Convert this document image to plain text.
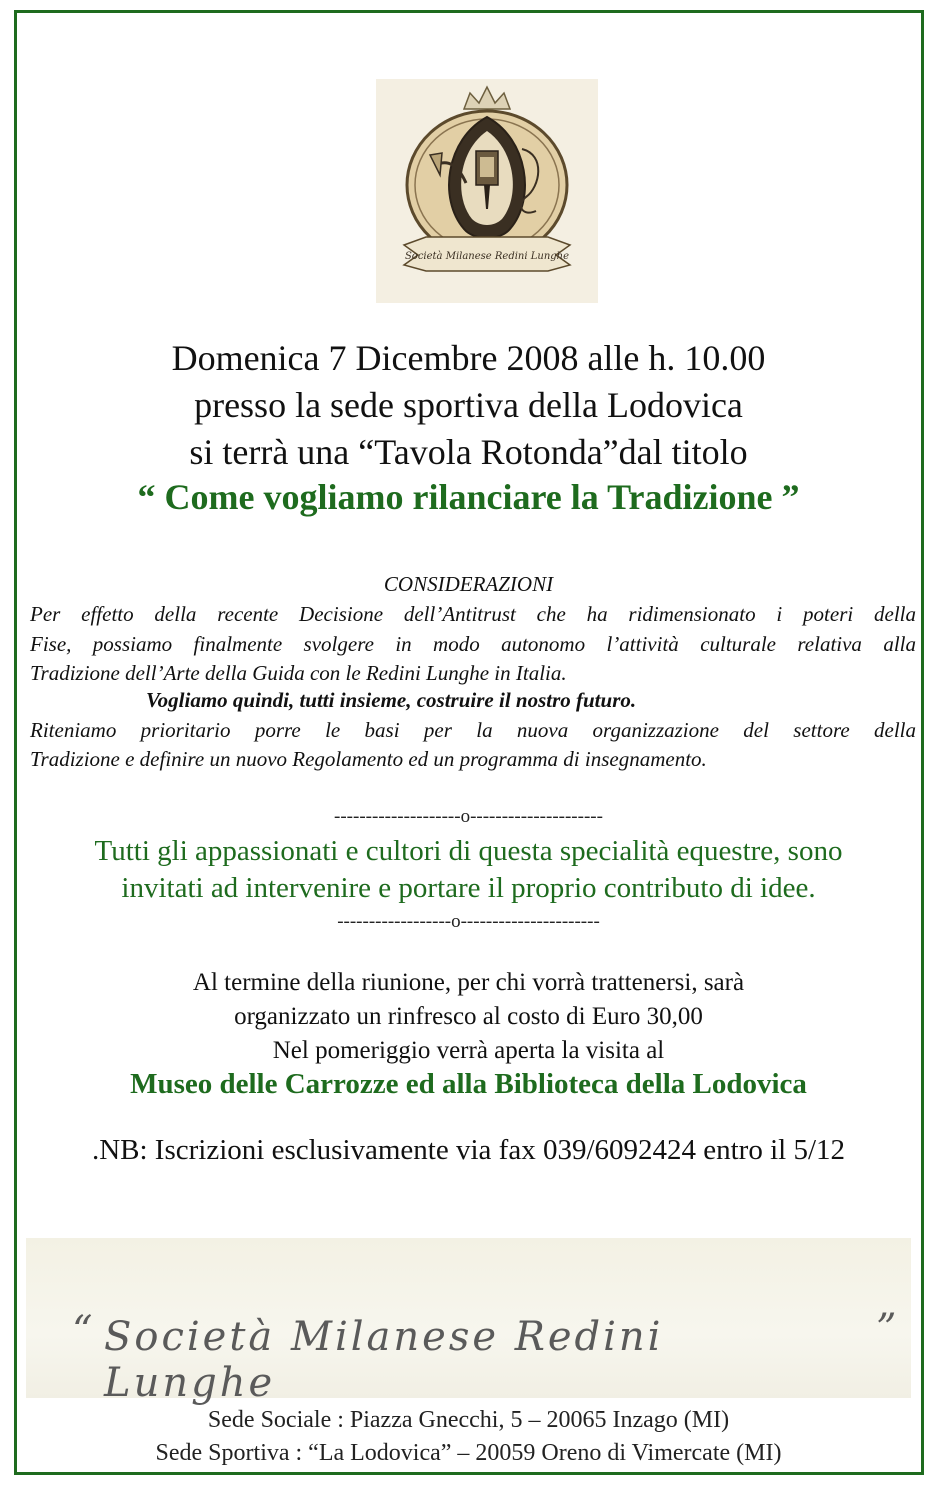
Società Milanese Redini Lunghe
Domenica 7 Dicembre 2008 alle h. 10.00
presso la sede sportiva della Lodovica
si terrà una “Tavola Rotonda”dal titolo
“ Come vogliamo rilanciare la Tradizione ”
CONSIDERAZIONI
Per effetto della recente Decisione dell’Antitrust che ha ridimensionato i poteri della
Fise, possiamo finalmente svolgere in modo autonomo l’attività culturale relativa alla
Tradizione dell’Arte della Guida con le Redini Lunghe in Italia.
Vogliamo quindi, tutti insieme, costruire il nostro futuro.
Riteniamo prioritario porre le basi per la nuova organizzazione del settore della
Tradizione e definire un nuovo Regolamento ed un programma di insegnamento.
--------------------o---------------------
Tutti gli appassionati e cultori di questa specialità equestre, sono
invitati ad intervenire e portare il proprio contributo di idee.
------------------o----------------------
Al termine della riunione, per chi vorrà trattenersi, sarà
organizzato un rinfresco al costo di Euro 30,00
Nel pomeriggio verrà aperta la visita al
Museo delle Carrozze ed alla Biblioteca della Lodovica
.NB: Iscrizioni esclusivamente via fax 039/6092424 entro il 5/12
“ Società Milanese Redini Lunghe
”
Sede Sociale : Piazza Gnecchi, 5 – 20065 Inzago (MI)
Sede Sportiva : “La Lodovica” – 20059 Oreno di Vimercate (MI)
